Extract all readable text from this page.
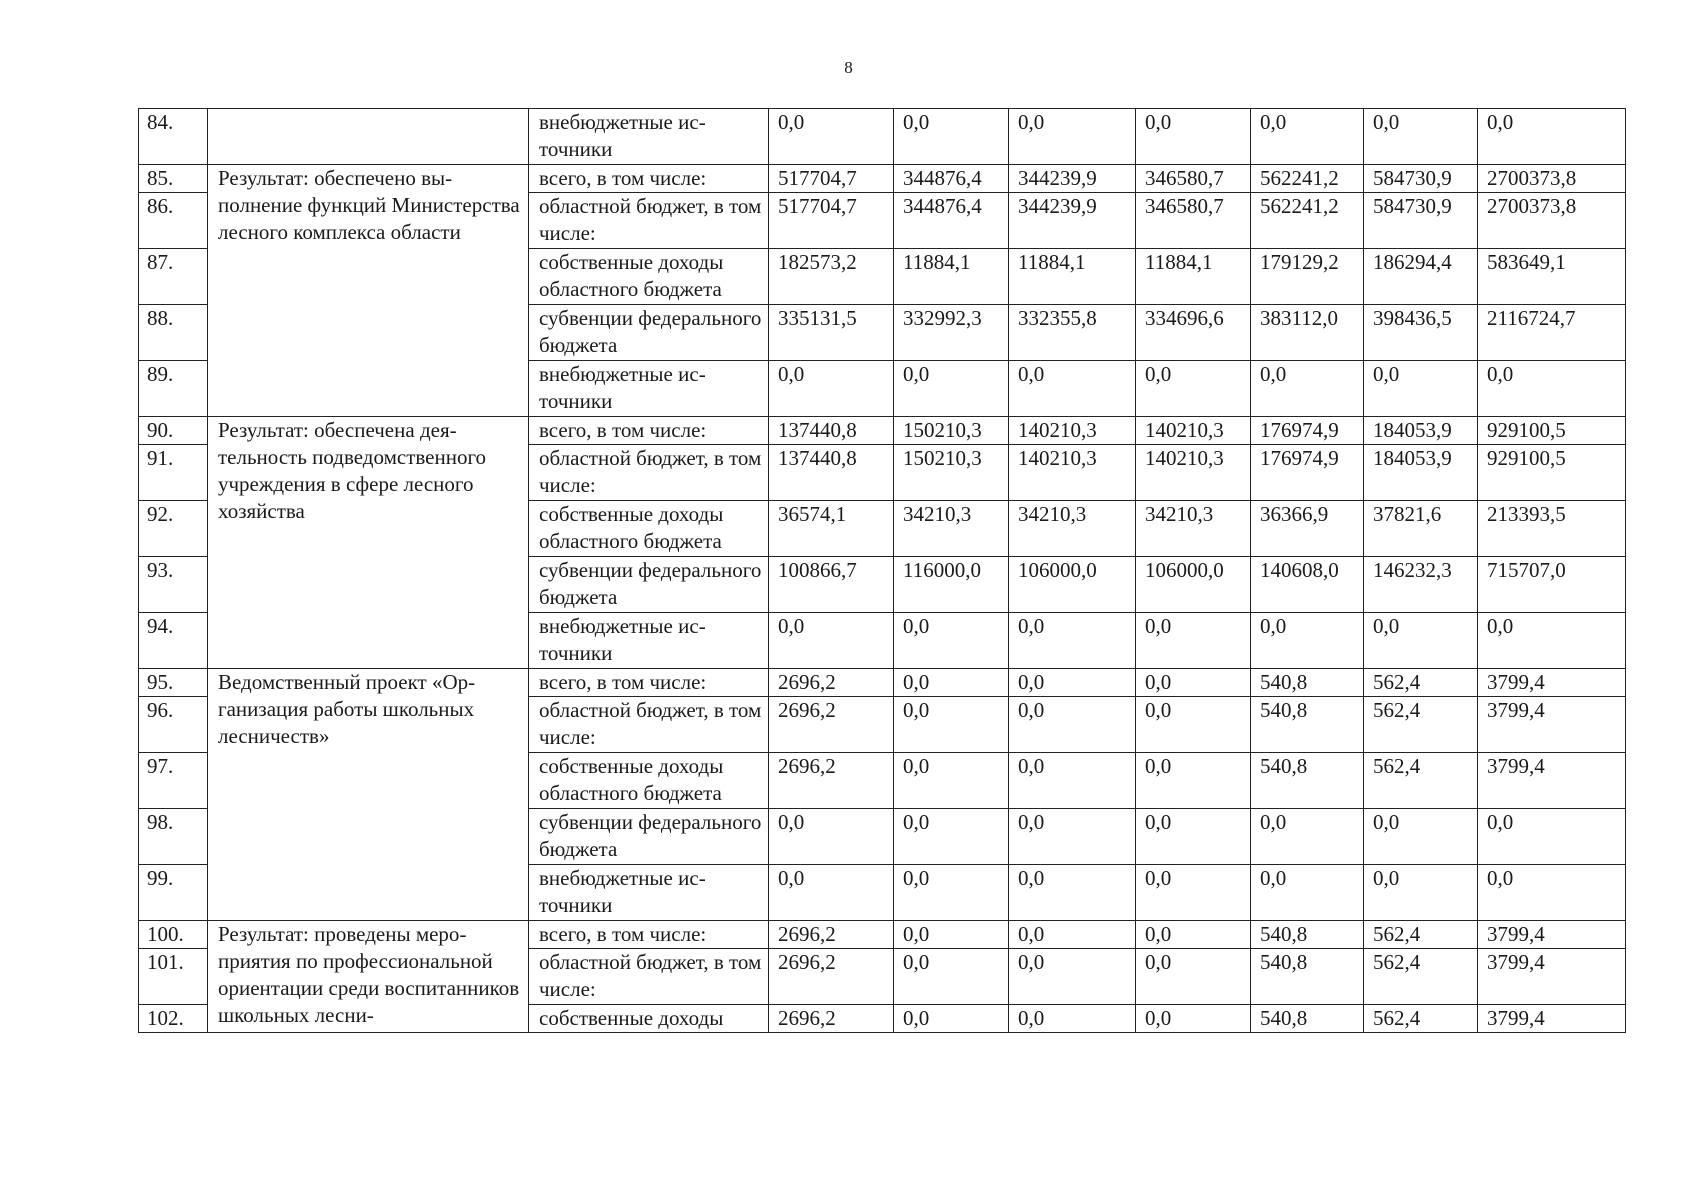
8
84.		внебюджетные источники	0,0	0,0	0,0	0,0	0,0	0,0	0,0
85.	Результат: обеспечено выполнение функций Министерства лесного комплекса области	всего, в том числе:	517704,7	344876,4	344239,9	346580,7	562241,2	584730,9	2700373,8
86.		областной бюджет, в том числе:	517704,7	344876,4	344239,9	346580,7	562241,2	584730,9	2700373,8
87.		собственные доходы областного бюджета	182573,2	11884,1	11884,1	11884,1	179129,2	186294,4	583649,1
88.		субвенции федерального бюджета	335131,5	332992,3	332355,8	334696,6	383112,0	398436,5	2116724,7
89.		внебюджетные источники	0,0	0,0	0,0	0,0	0,0	0,0	0,0
90.	Результат: обеспечена деятельность подведомственного учреждения в сфере лесного хозяйства	всего, в том числе:	137440,8	150210,3	140210,3	140210,3	176974,9	184053,9	929100,5
91.		областной бюджет, в том числе:	137440,8	150210,3	140210,3	140210,3	176974,9	184053,9	929100,5
92.		собственные доходы областного бюджета	36574,1	34210,3	34210,3	34210,3	36366,9	37821,6	213393,5
93.		субвенции федерального бюджета	100866,7	116000,0	106000,0	106000,0	140608,0	146232,3	715707,0
94.		внебюджетные источники	0,0	0,0	0,0	0,0	0,0	0,0	0,0
95.	Ведомственный проект «Организация работы школьных лесничеств»	всего, в том числе:	2696,2	0,0	0,0	0,0	540,8	562,4	3799,4
96.		областной бюджет, в том числе:	2696,2	0,0	0,0	0,0	540,8	562,4	3799,4
97.		собственные доходы областного бюджета	2696,2	0,0	0,0	0,0	540,8	562,4	3799,4
98.		субвенции федерального бюджета	0,0	0,0	0,0	0,0	0,0	0,0	0,0
99.		внебюджетные источники	0,0	0,0	0,0	0,0	0,0	0,0	0,0
100.	Результат: проведены мероприятия по профессиональной ориентации среди воспитанников школьных лесни-	всего, в том числе:	2696,2	0,0	0,0	0,0	540,8	562,4	3799,4
101.		областной бюджет, в том числе:	2696,2	0,0	0,0	0,0	540,8	562,4	3799,4
102.		собственные доходы	2696,2	0,0	0,0	0,0	540,8	562,4	3799,4
